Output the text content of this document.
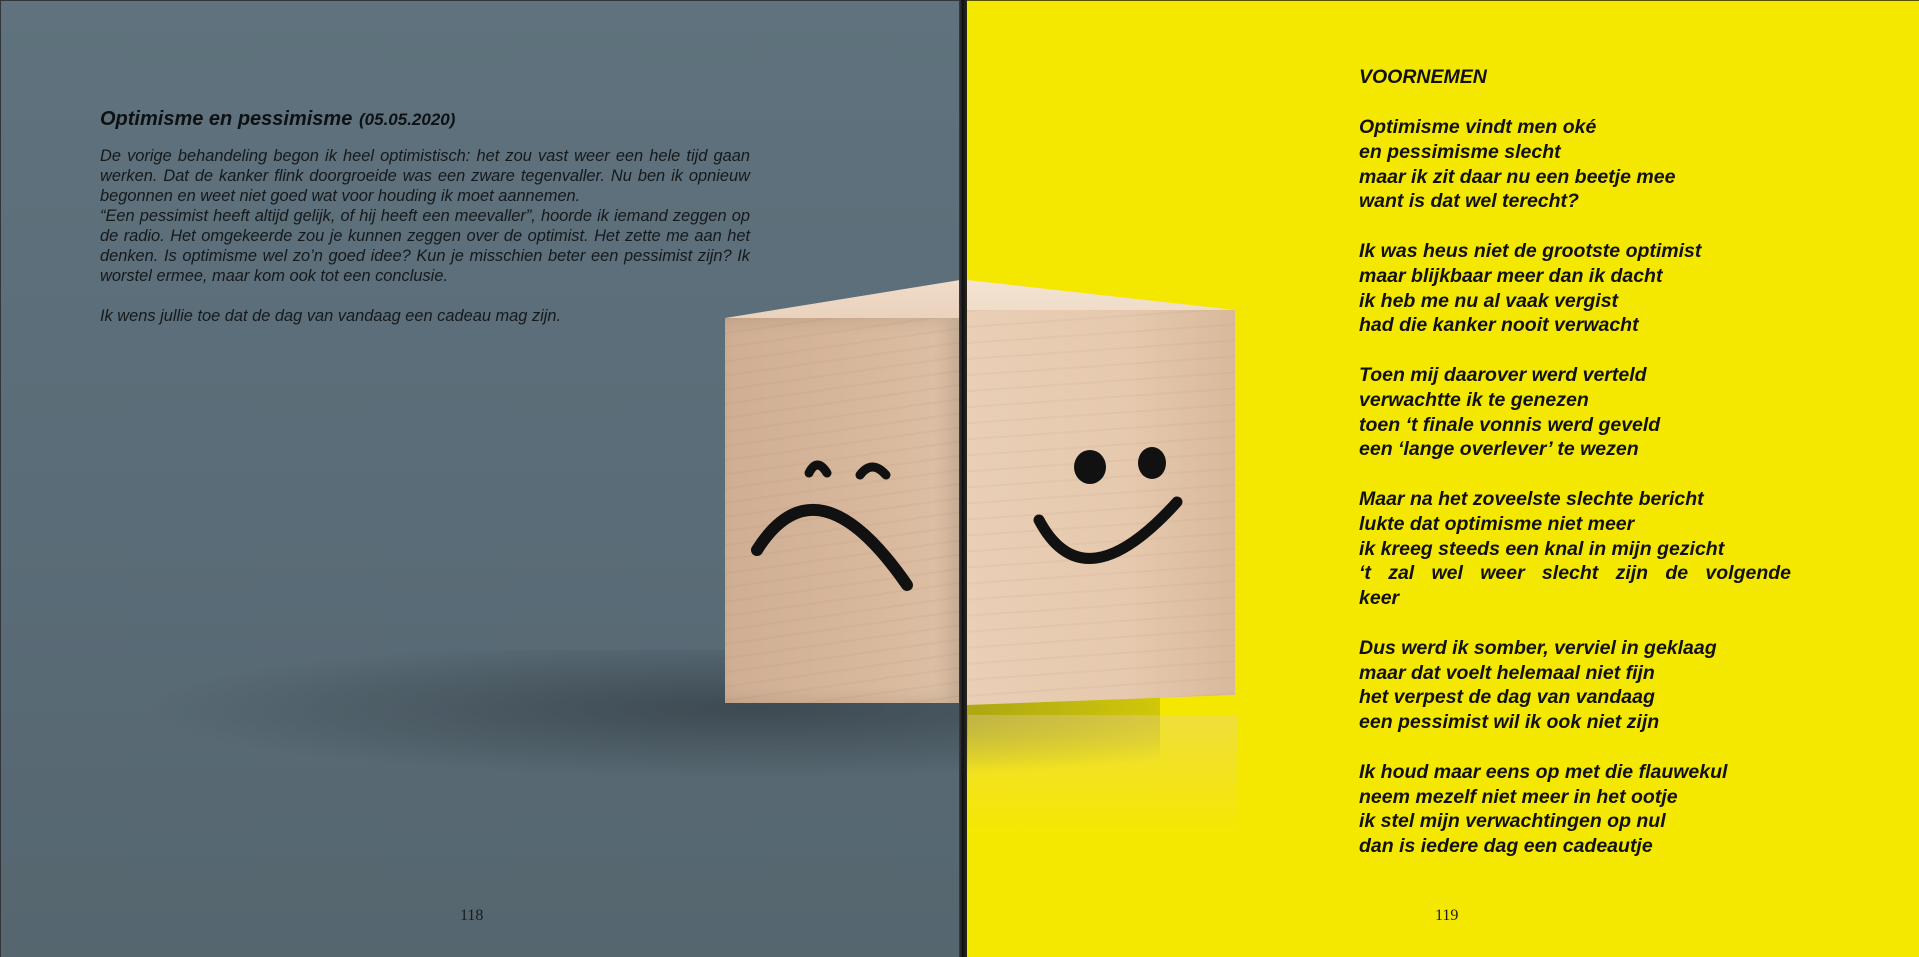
Optimisme en pessimisme (05.05.2020)

De vorige behandeling begon ik heel optimistisch: het zou vast weer een hele tijd gaan werken. Dat de kanker flink doorgroeide was een zware tegenvaller. Nu ben ik opnieuw begonnen en weet niet goed wat voor houding ik moet aannemen.

“Een pessimist heeft altijd gelijk, of hij heeft een meevaller”, hoorde ik iemand zeggen op de radio. Het omgekeerde zou je kunnen zeggen over de optimist. Het zette me aan het denken. Is optimisme wel zo’n goed idee? Kun je misschien beter een pessimist zijn? Ik worstel ermee, maar kom ook tot een conclusie.

Ik wens jullie toe dat de dag van vandaag een cadeau mag zijn.

VOORNEMEN
Optimisme vindt men oké
en pessimisme slecht
maar ik zit daar nu een beetje mee
want is dat wel terecht?
Ik was heus niet de grootste optimist
maar blijkbaar meer dan ik dacht
ik heb me nu al vaak vergist
had die kanker nooit verwacht
Toen mij daarover werd verteld
verwachtte ik te genezen
toen ‘t finale vonnis werd geveld
een ‘lange overlever’ te wezen
Maar na het zoveelste slechte bericht
lukte dat optimisme niet meer
ik kreeg steeds een knal in mijn gezicht
‘t zal wel weer slecht zijn de volgende
keer
Dus werd ik somber, verviel in geklaag
maar dat voelt helemaal niet fijn
het verpest de dag van vandaag
een pessimist wil ik ook niet zijn
Ik houd maar eens op met die flauwekul
neem mezelf niet meer in het ootje
ik stel mijn verwachtingen op nul
dan is iedere dag een cadeautje
118	119
